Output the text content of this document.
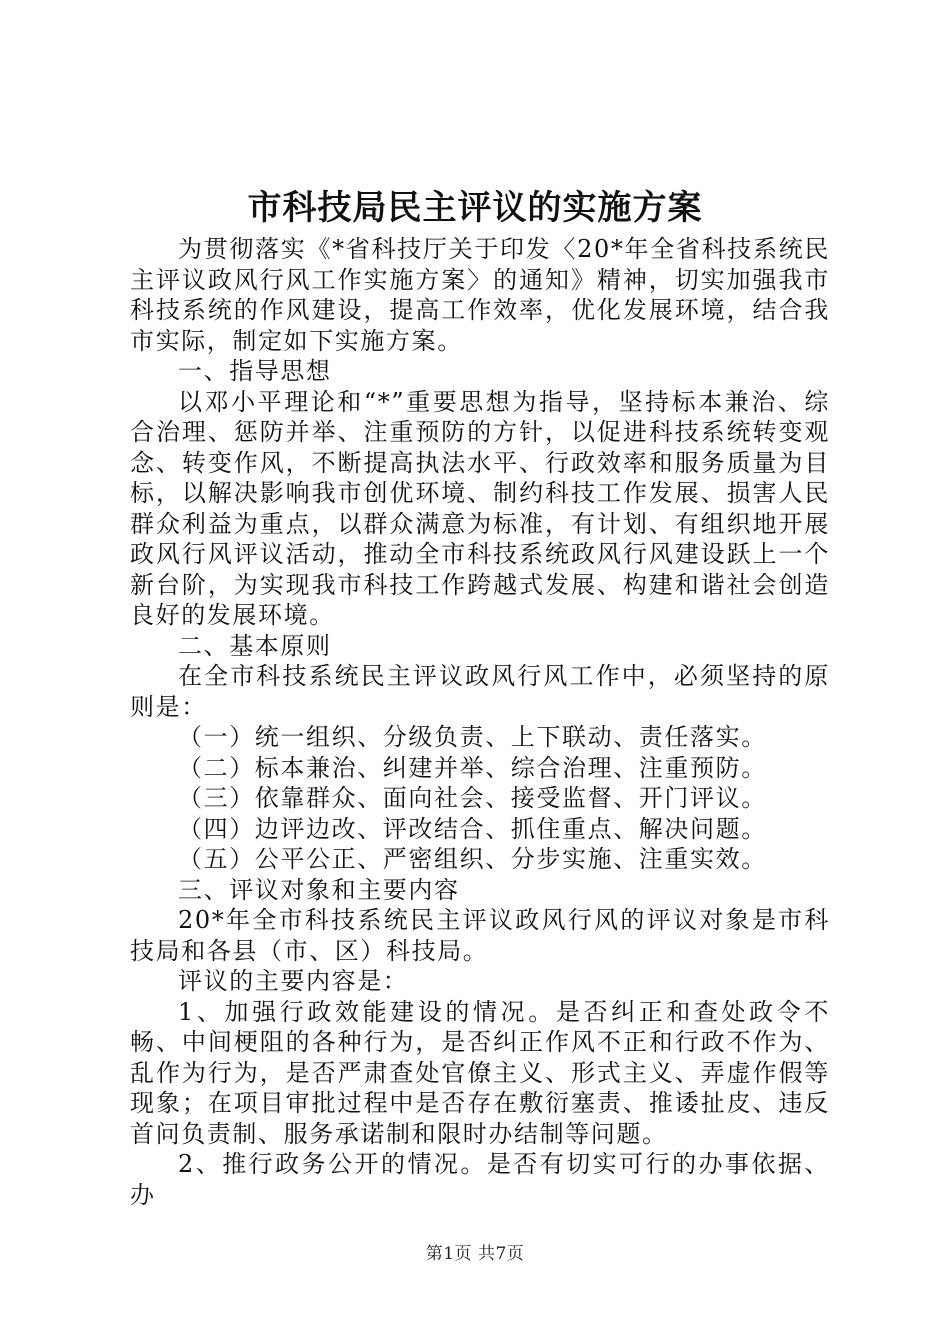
市科技局民主评议的实施方案

为贯彻落实《*省科技厅关于印发〈20*年全省科技系统民主评议政风行风工作实施方案〉的通知》精神，切实加强我市科技系统的作风建设，提高工作效率，优化发展环境，结合我市实际，制定如下实施方案。

一、指导思想

以邓小平理论和“*”重要思想为指导，坚持标本兼治、综合治理、惩防并举、注重预防的方针，以促进科技系统转变观念、转变作风，不断提高执法水平、行政效率和服务质量为目标，以解决影响我市创优环境、制约科技工作发展、损害人民群众利益为重点，以群众满意为标准，有计划、有组织地开展政风行风评议活动，推动全市科技系统政风行风建设跃上一个新台阶，为实现我市科技工作跨越式发展、构建和谐社会创造良好的发展环境。

二、基本原则

在全市科技系统民主评议政风行风工作中，必须坚持的原则是：

（一）统一组织、分级负责、上下联动、责任落实。

（二）标本兼治、纠建并举、综合治理、注重预防。

（三）依靠群众、面向社会、接受监督、开门评议。

（四）边评边改、评改结合、抓住重点、解决问题。

（五）公平公正、严密组织、分步实施、注重实效。

三、评议对象和主要内容

20*年全市科技系统民主评议政风行风的评议对象是市科技局和各县（市、区）科技局。

评议的主要内容是：

1、加强行政效能建设的情况。是否纠正和查处政令不畅、中间梗阻的各种行为，是否纠正作风不正和行政不作为、乱作为行为，是否严肃查处官僚主义、形式主义、弄虚作假等现象；在项目审批过程中是否存在敷衍塞责、推诿扯皮、违反首问负责制、服务承诺制和限时办结制等问题。

2、推行政务公开的情况。是否有切实可行的办事依据、办

第1页 共7页
